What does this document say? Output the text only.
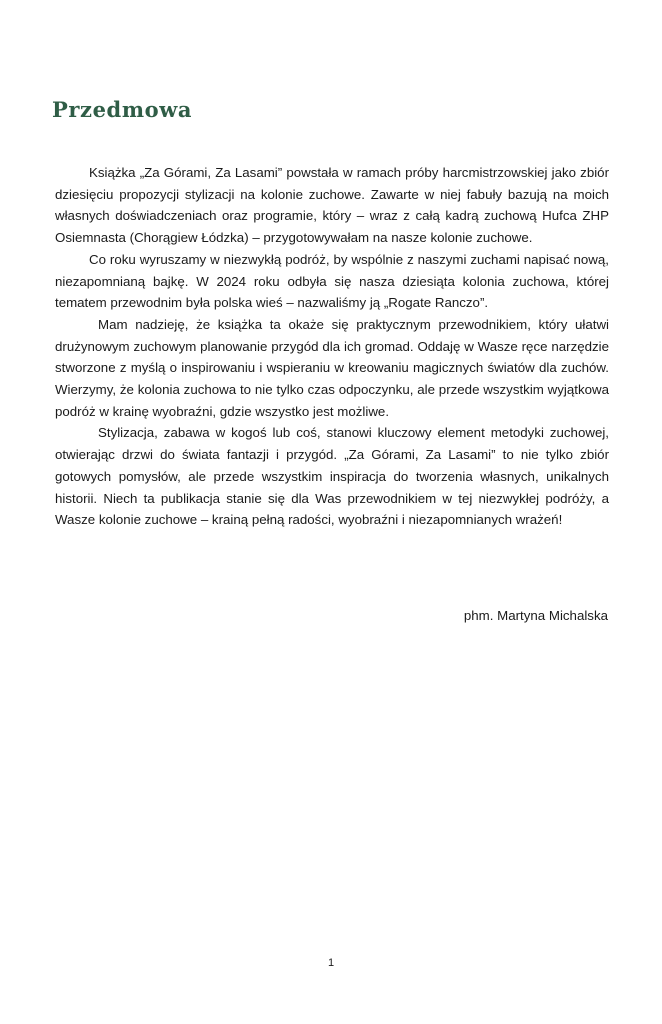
Przedmowa

Książka „Za Górami, Za Lasami” powstała w ramach próby harcmistrzowskiej jako zbiór dziesięciu propozycji stylizacji na kolonie zuchowe. Zawarte w niej fabuły bazują na moich własnych doświadczeniach oraz programie, który – wraz z całą kadrą zuchową Hufca ZHP Osiemnasta (Chorągiew Łódzka) – przygotowywałam na nasze kolonie zuchowe.

Co roku wyruszamy w niezwykłą podróż, by wspólnie z naszymi zuchami napisać nową, niezapomnianą bajkę. W 2024 roku odbyła się nasza dziesiąta kolonia zuchowa, której tematem przewodnim była polska wieś – nazwaliśmy ją „Rogate Ranczo”.

Mam nadzieję, że książka ta okaże się praktycznym przewodnikiem, który ułatwi drużynowym zuchowym planowanie przygód dla ich gromad. Oddaję w Wasze ręce narzędzie stworzone z myślą o inspirowaniu i wspieraniu w kreowaniu magicznych światów dla zuchów. Wierzymy, że kolonia zuchowa to nie tylko czas odpoczynku, ale przede wszystkim wyjątkowa podróż w krainę wyobraźni, gdzie wszystko jest możliwe.

Stylizacja, zabawa w kogoś lub coś, stanowi kluczowy element metodyki zuchowej, otwierając drzwi do świata fantazji i przygód. „Za Górami, Za Lasami” to nie tylko zbiór gotowych pomysłów, ale przede wszystkim inspiracja do tworzenia własnych, unikalnych historii. Niech ta publikacja stanie się dla Was przewodnikiem w tej niezwykłej podróży, a Wasze kolonie zuchowe – krainą pełną radości, wyobraźni i niezapomnianych wrażeń!

phm. Martyna Michalska

1
